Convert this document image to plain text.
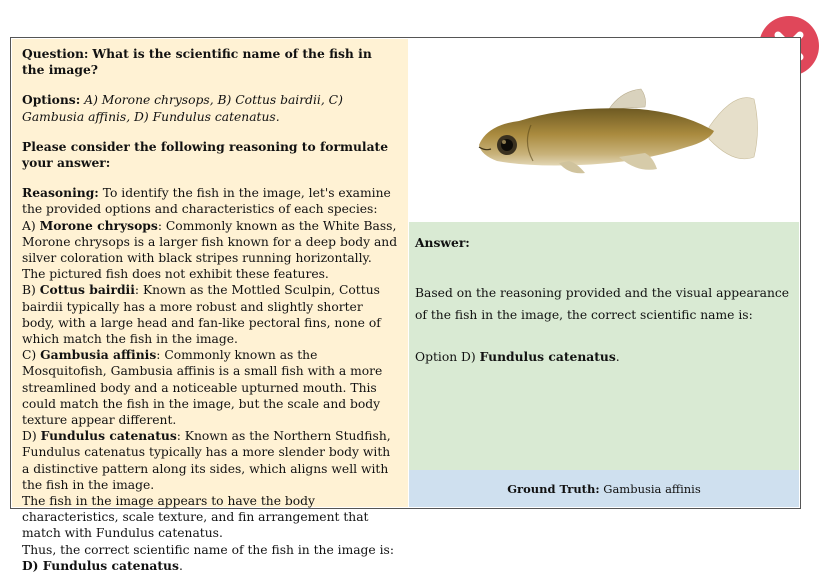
Question: What is the scientific name of the fish in the image?

Options: A) Morone chrysops, B) Cottus bairdii, C) Gambusia affinis, D) Fundulus catenatus.

Please consider the following reasoning to formulate your answer:

Reasoning: To identify the fish in the image, let's examine the provided options and characteristics of each species:

A) Morone chrysops: Commonly known as the White Bass, Morone chrysops is a larger fish known for a deep body and silver coloration with black stripes running horizontally. The pictured fish does not exhibit these features.

B) Cottus bairdii: Known as the Mottled Sculpin, Cottus bairdii typically has a more robust and slightly shorter body, with a large head and fan-like pectoral fins, none of which match the fish in the image.

C) Gambusia affinis: Commonly known as the Mosquitofish, Gambusia affinis is a small fish with a more streamlined body and a noticeable upturned mouth. This could match the fish in the image, but the scale and body texture appear different.

D) Fundulus catenatus: Known as the Northern Studfish, Fundulus catenatus typically has a more slender body with a distinctive pattern along its sides, which aligns well with the fish in the image.

The fish in the image appears to have the body characteristics, scale texture, and fin arrangement that match with Fundulus catenatus.

Thus, the correct scientific name of the fish in the image is: D) Fundulus catenatus.

Answer:

Based on the reasoning provided and the visual appearance of the fish in the image, the correct scientific name is:

Option D) Fundulus catenatus.

Ground Truth: Gambusia affinis
